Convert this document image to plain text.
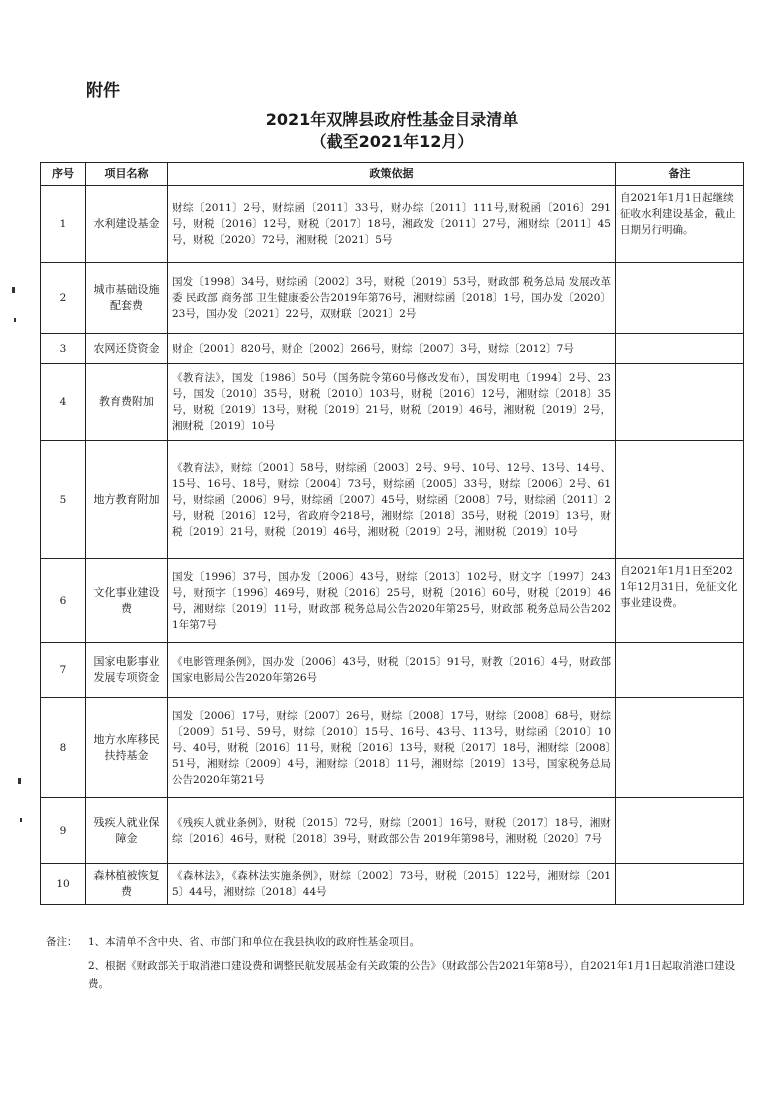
附件
2021年双牌县政府性基金目录清单
（截至2021年12月）
序号	项目名称	政策依据	备注
1	水利建设基金	财综〔2011〕2号，财综函〔2011〕33号，财办综〔2011〕111号,财税函〔2016〕291号，财税〔2016〕12号，财税〔2017〕18号，湘政发〔2011〕27号，湘财综〔2011〕45号，财税〔2020〕72号，湘财税〔2021〕5号	自2021年1月1日起继续征收水利建设基金，截止日期另行明确。
2	城市基础设施配套费	国发〔1998〕34号，财综函〔2002〕3号，财税〔2019〕53号，财政部 税务总局 发展改革委 民政部 商务部 卫生健康委公告2019年第76号，湘财综函〔2018〕1号，国办发〔2020〕23号，国办发〔2021〕22号，双财联〔2021〕2号	
3	农网还贷资金	财企〔2001〕820号，财企〔2002〕266号，财综〔2007〕3号，财综〔2012〕7号	
4	教育费附加	《教育法》，国发〔1986〕50号（国务院令第60号修改发布），国发明电〔1994〕2号、23号，国发〔2010〕35号，财税〔2010〕103号，财税〔2016〕12号，湘财综〔2018〕35号，财税〔2019〕13号，财税〔2019〕21号，财税〔2019〕46号，湘财税〔2019〕2号，湘财税〔2019〕10号	
5	地方教育附加	《教育法》，财综〔2001〕58号，财综函〔2003〕2号、9号、10号、12号、13号、14号、15号、16号、18号，财综〔2004〕73号，财综函〔2005〕33号，财综〔2006〕2号、61号，财综函〔2006〕9号，财综函〔2007〕45号，财综函〔2008〕7号，财综函〔2011〕2号，财税〔2016〕12号，省政府令218号，湘财综〔2018〕35号，财税〔2019〕13号，财税〔2019〕21号，财税〔2019〕46号，湘财税〔2019〕2号，湘财税〔2019〕10号	
6	文化事业建设费	国发〔1996〕37号，国办发〔2006〕43号，财综〔2013〕102号，财文字〔1997〕243号，财预字〔1996〕469号，财税〔2016〕25号，财税〔2016〕60号，财税〔2019〕46号，湘财综〔2019〕11号，财政部 税务总局公告2020年第25号，财政部 税务总局公告2021年第7号	自2021年1月1日至2021年12月31日，免征文化事业建设费。
7	国家电影事业发展专项资金	《电影管理条例》，国办发〔2006〕43号，财税〔2015〕91号，财教〔2016〕4号，财政部 国家电影局公告2020年第26号	
8	地方水库移民扶持基金	国发〔2006〕17号，财综〔2007〕26号，财综〔2008〕17号，财综〔2008〕68号，财综〔2009〕51号、59号，财综〔2010〕15号、16号、43号、113号，财综函〔2010〕10号、40号，财税〔2016〕11号，财税〔2016〕13号，财税〔2017〕18号，湘财综〔2008〕51号，湘财综〔2009〕4号，湘财综〔2018〕11号，湘财综〔2019〕13号，国家税务总局公告2020年第21号	
9	残疾人就业保障金	《残疾人就业条例》，财税〔2015〕72号，财综〔2001〕16号，财税〔2017〕18号，湘财综〔2016〕46号，财税〔2018〕39号，财政部公告 2019年第98号，湘财税〔2020〕7号	
10	森林植被恢复费	《森林法》，《森林法实施条例》，财综〔2002〕73号，财税〔2015〕122号，湘财综〔2015〕44号，湘财综〔2018〕44号	
备注： 1、本清单不含中央、省、市部门和单位在我县执收的政府性基金项目。
2、根据《财政部关于取消港口建设费和调整民航发展基金有关政策的公告》（财政部公告2021年第8号），自2021年1月1日起取消港口建设费。
